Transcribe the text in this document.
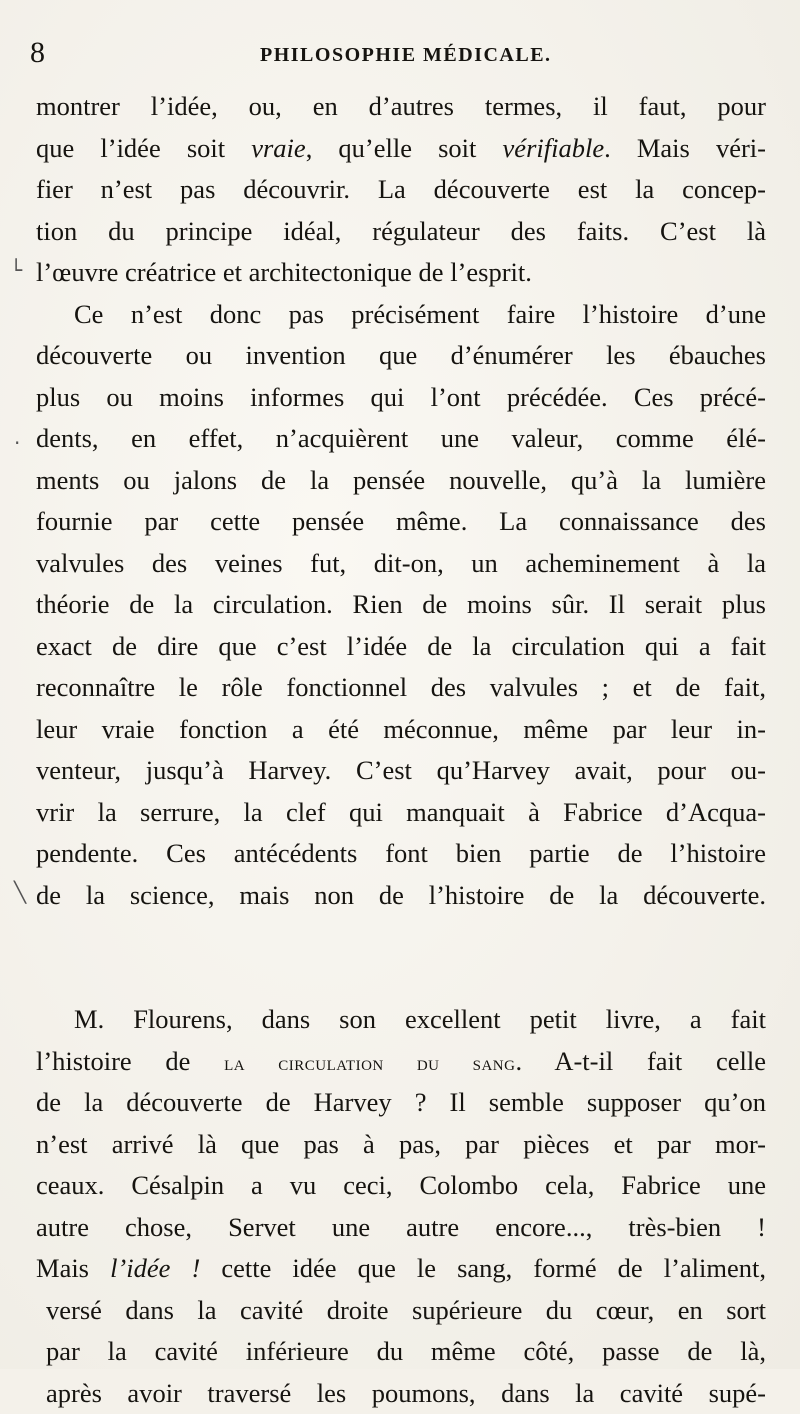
8	PHILOSOPHIE MÉDICALE.
└
.
╲
montrer l’idée, ou, en d’autres termes, il faut, pour
que l’idée soit vraie, qu’elle soit vérifiable. Mais véri-
fier n’est pas découvrir. La découverte est la concep-
tion du principe idéal, régulateur des faits. C’est là
l’œuvre créatrice et architectonique de l’esprit.
Ce n’est donc pas précisément faire l’histoire d’une
découverte ou invention que d’énumérer les ébauches
plus ou moins informes qui l’ont précédée. Ces précé-
dents, en effet, n’acquièrent une valeur, comme élé-
ments ou jalons de la pensée nouvelle, qu’à la lumière
fournie par cette pensée même. La connaissance des
valvules des veines fut, dit-on, un acheminement à la
théorie de la circulation. Rien de moins sûr. Il serait plus
exact de dire que c’est l’idée de la circulation qui a fait
reconnaître le rôle fonctionnel des valvules ; et de fait,
leur vraie fonction a été méconnue, même par leur in-
venteur, jusqu’à Harvey. C’est qu’Harvey avait, pour ou-
vrir la serrure, la clef qui manquait à Fabrice d’Acqua-
pendente. Ces antécédents font bien partie de l’histoire
de la science, mais non de l’histoire de la découverte.
M. Flourens, dans son excellent petit livre, a fait
l’histoire de la circulation du sang. A-t-il fait celle
de la découverte de Harvey ? Il semble supposer qu’on
n’est arrivé là que pas à pas, par pièces et par mor-
ceaux. Césalpin a vu ceci, Colombo cela, Fabrice une
autre chose, Servet une autre encore..., très-bien !
Mais l’idée ! cette idée que le sang, formé de l’aliment,
versé dans la cavité droite supérieure du cœur, en sort
par la cavité inférieure du même côté, passe de là,
après avoir traversé les poumons, dans la cavité supé-
